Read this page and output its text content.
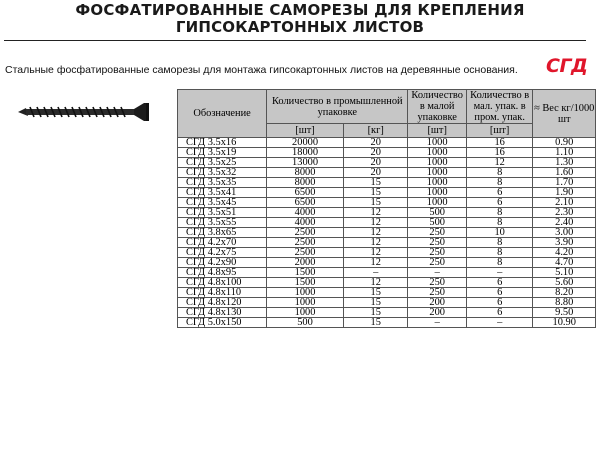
ФОСФАТИРОВАННЫЕ САМОРЕЗЫ ДЛЯ КРЕПЛЕНИЯ
ГИПСОКАРТОННЫХ ЛИСТОВ
Стальные фосфатированные саморезы для монтажа гипсокартонных листов на деревянные основания. СГД
Обозначение	Количество в промышленной упаковке		Количество в малой упаковке	Количество в мал. упак. в пром. упак.	≈ Вес кг/1000 шт
	[шт]	[кг]	[шт]	[шт]	
СГД 3.5x16	20000	20	1000	16	0.90
СГД 3.5x19	18000	20	1000	16	1.10
СГД 3.5x25	13000	20	1000	12	1.30
СГД 3.5x32	8000	20	1000	8	1.60
СГД 3.5x35	8000	15	1000	8	1.70
СГД 3.5x41	6500	15	1000	6	1.90
СГД 3.5x45	6500	15	1000	6	2.10
СГД 3.5x51	4000	12	500	8	2.30
СГД 3.5x55	4000	12	500	8	2.40
СГД 3.8x65	2500	12	250	10	3.00
СГД 4.2x70	2500	12	250	8	3.90
СГД 4.2x75	2500	12	250	8	4.20
СГД 4.2x90	2000	12	250	8	4.70
СГД 4.8x95	1500	–	–	–	5.10
СГД 4.8x100	1500	12	250	6	5.60
СГД 4.8x110	1000	15	250	6	8.20
СГД 4.8x120	1000	15	200	6	8.80
СГД 4.8x130	1000	15	200	6	9.50
СГД 5.0x150	500	15	–	–	10.90
